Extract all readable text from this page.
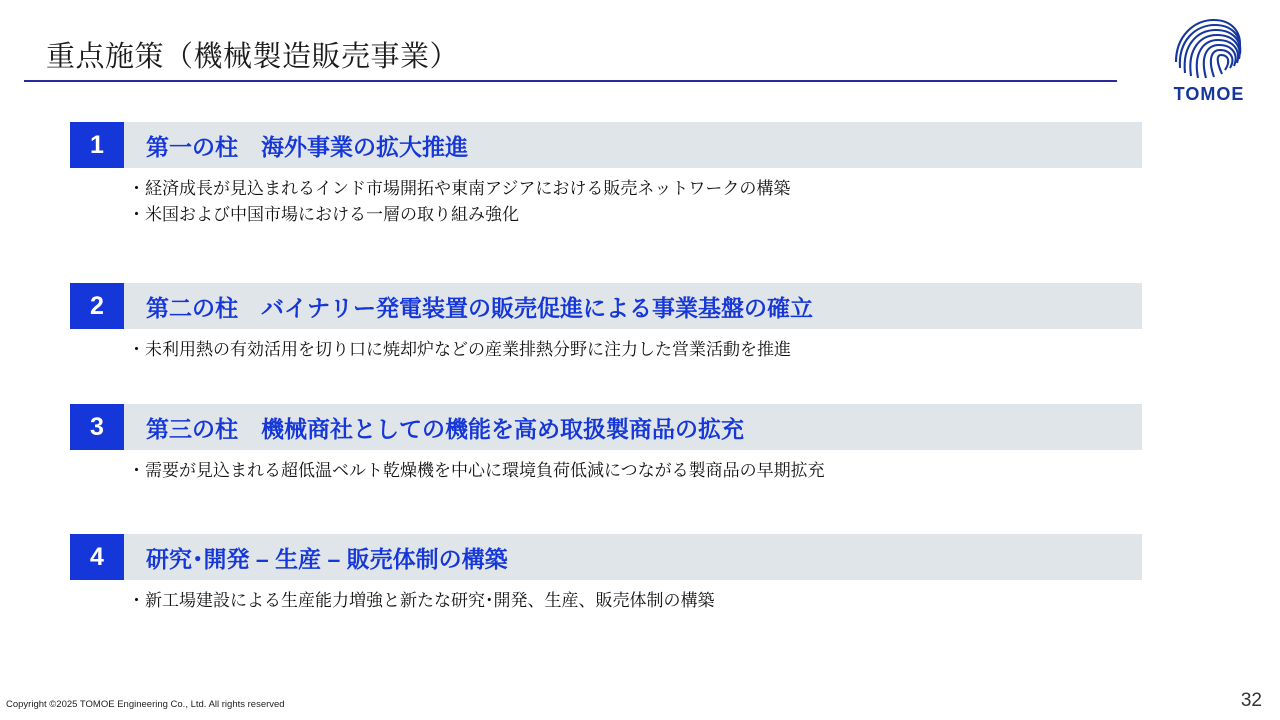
重点施策（機械製造販売事業）
TOMOE
1	第一の柱　海外事業の拡大推進
・経済成長が見込まれるインド市場開拓や東南アジアにおける販売ネットワークの構築
・米国および中国市場における一層の取り組み強化
2	第二の柱　バイナリー発電装置の販売促進による事業基盤の確立
・未利用熱の有効活用を切り口に焼却炉などの産業排熱分野に注力した営業活動を推進
3	第三の柱　機械商社としての機能を高め取扱製商品の拡充
・需要が見込まれる超低温ベルト乾燥機を中心に環境負荷低減につながる製商品の早期拡充
4	研究･開発 – 生産 – 販売体制の構築
・新工場建設による生産能力増強と新たな研究･開発、生産、販売体制の構築
Copyright ©2025 TOMOE Engineering Co., Ltd. All rights reserved	32
